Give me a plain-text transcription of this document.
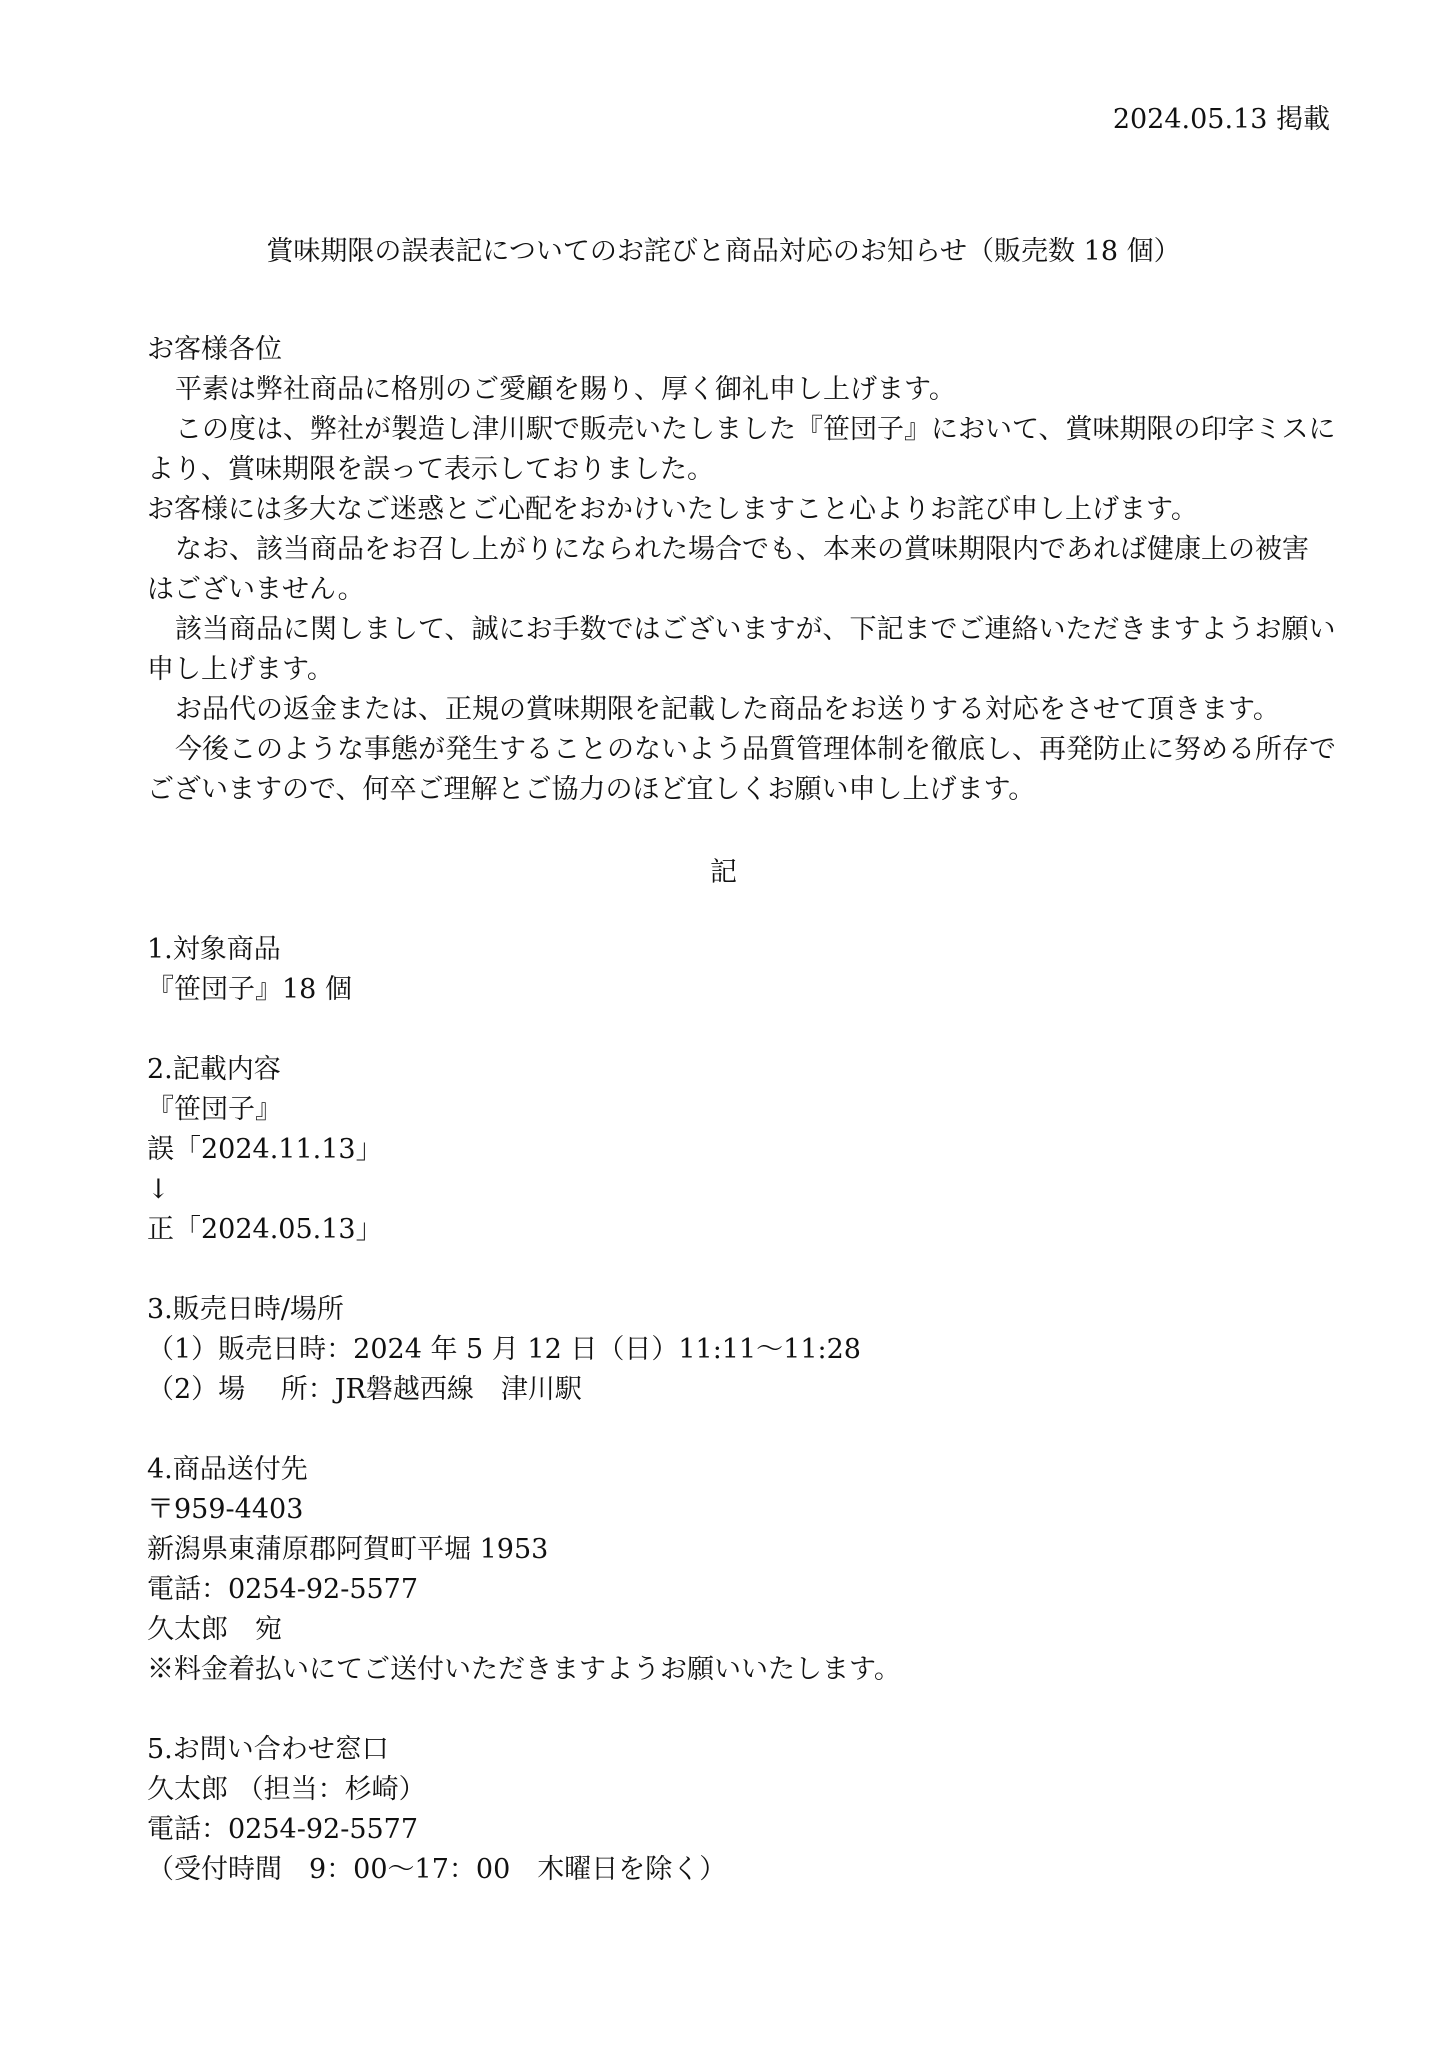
2024.05.13 掲載
賞味期限の誤表記についてのお詫びと商品対応のお知らせ（販売数 18 個）
お客様各位
平素は弊社商品に格別のご愛顧を賜り、厚く御礼申し上げます。
この度は、弊社が製造し津川駅で販売いたしました『笹団子』において、賞味期限の印字ミスに
より、賞味期限を誤って表示しておりました。
お客様には多大なご迷惑とご心配をおかけいたしますこと心よりお詫び申し上げます。
なお、該当商品をお召し上がりになられた場合でも、本来の賞味期限内であれば健康上の被害
はございません。
該当商品に関しまして、誠にお手数ではございますが、下記までご連絡いただきますようお願い
申し上げます。
お品代の返金または、正規の賞味期限を記載した商品をお送りする対応をさせて頂きます。
今後このような事態が発生することのないよう品質管理体制を徹底し、再発防止に努める所存で
ございますので、何卒ご理解とご協力のほど宜しくお願い申し上げます。
記
1.対象商品
『笹団子』18 個
2.記載内容
『笹団子』
誤「2024.11.13」
↓
正「2024.05.13」
3.販売日時/場所
（1）販売日時：2024 年 5 月 12 日（日）11:11～11:28
（2）場　 所：JR磐越西線　津川駅
4.商品送付先
〒959-4403
新潟県東蒲原郡阿賀町平堀 1953
電話：0254-92-5577
久太郎　宛
※料金着払いにてご送付いただきますようお願いいたします。
5.お問い合わせ窓口
久太郎 （担当：杉崎）
電話：0254-92-5577
（受付時間　9：00～17：00　木曜日を除く）
